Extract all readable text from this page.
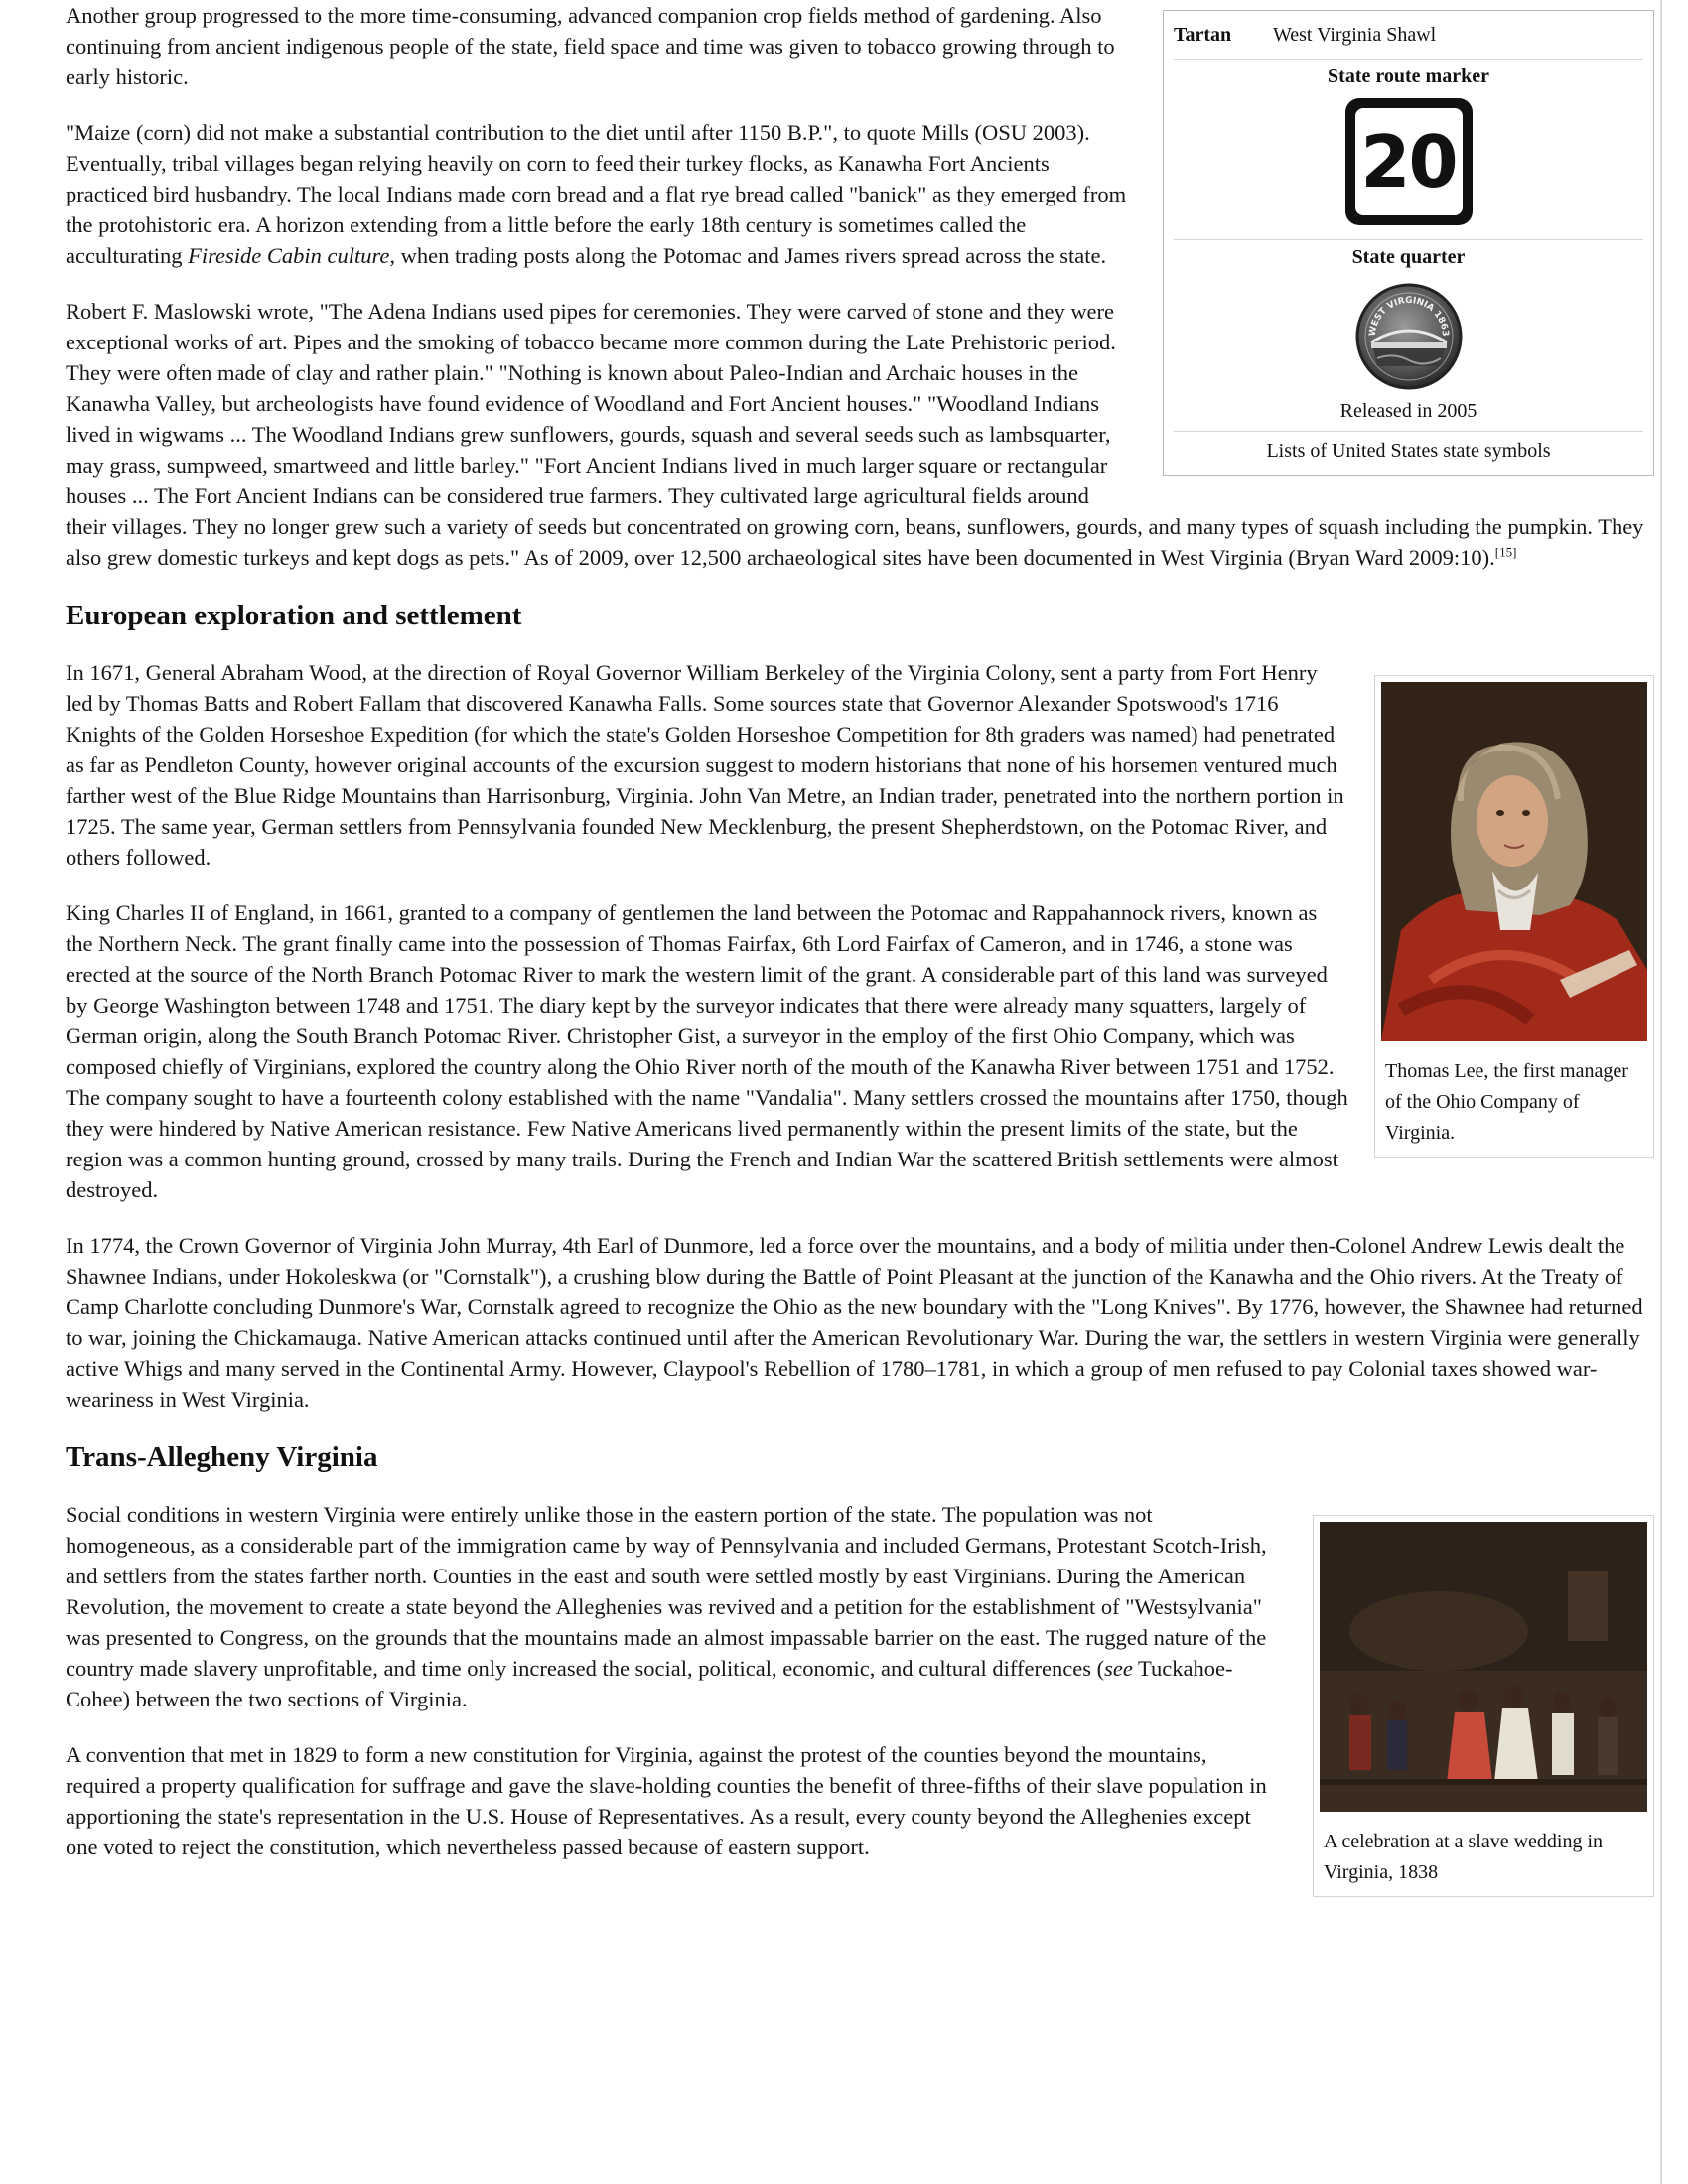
Tartan	West Virginia Shawl
State route marker
20
State quarter
WEST VIRGINIA 1863
Released in 2005
Lists of United States state symbols

Another group progressed to the more time-consuming, advanced companion crop fields method of gardening. Also continuing from ancient indigenous people of the state, field space and time was given to tobacco growing through to early historic.

"Maize (corn) did not make a substantial contribution to the diet until after 1150 B.P.", to quote Mills (OSU 2003). Eventually, tribal villages began relying heavily on corn to feed their turkey flocks, as Kanawha Fort Ancients practiced bird husbandry. The local Indians made corn bread and a flat rye bread called "banick" as they emerged from the protohistoric era. A horizon extending from a little before the early 18th century is sometimes called the acculturating Fireside Cabin culture, when trading posts along the Potomac and James rivers spread across the state.

Robert F. Maslowski wrote, "The Adena Indians used pipes for ceremonies. They were carved of stone and they were exceptional works of art. Pipes and the smoking of tobacco became more common during the Late Prehistoric period. They were often made of clay and rather plain." "Nothing is known about Paleo-Indian and Archaic houses in the Kanawha Valley, but archeologists have found evidence of Woodland and Fort Ancient houses." "Woodland Indians lived in wigwams ... The Woodland Indians grew sunflowers, gourds, squash and several seeds such as lambsquarter, may grass, sumpweed, smartweed and little barley." "Fort Ancient Indians lived in much larger square or rectangular houses ... The Fort Ancient Indians can be considered true farmers. They cultivated large agricultural fields around their villages. They no longer grew such a variety of seeds but concentrated on growing corn, beans, sunflowers, gourds, and many types of squash including the pumpkin. They also grew domestic turkeys and kept dogs as pets." As of 2009, over 12,500 archaeological sites have been documented in West Virginia (Bryan Ward 2009:10).[15]

European exploration and settlement
Thomas Lee, the first manager of the Ohio Company of Virginia.

In 1671, General Abraham Wood, at the direction of Royal Governor William Berkeley of the Virginia Colony, sent a party from Fort Henry led by Thomas Batts and Robert Fallam that discovered Kanawha Falls. Some sources state that Governor Alexander Spotswood's 1716 Knights of the Golden Horseshoe Expedition (for which the state's Golden Horseshoe Competition for 8th graders was named) had penetrated as far as Pendleton County, however original accounts of the excursion suggest to modern historians that none of his horsemen ventured much farther west of the Blue Ridge Mountains than Harrisonburg, Virginia. John Van Metre, an Indian trader, penetrated into the northern portion in 1725. The same year, German settlers from Pennsylvania founded New Mecklenburg, the present Shepherdstown, on the Potomac River, and others followed.

King Charles II of England, in 1661, granted to a company of gentlemen the land between the Potomac and Rappahannock rivers, known as the Northern Neck. The grant finally came into the possession of Thomas Fairfax, 6th Lord Fairfax of Cameron, and in 1746, a stone was erected at the source of the North Branch Potomac River to mark the western limit of the grant. A considerable part of this land was surveyed by George Washington between 1748 and 1751. The diary kept by the surveyor indicates that there were already many squatters, largely of German origin, along the South Branch Potomac River. Christopher Gist, a surveyor in the employ of the first Ohio Company, which was composed chiefly of Virginians, explored the country along the Ohio River north of the mouth of the Kanawha River between 1751 and 1752. The company sought to have a fourteenth colony established with the name "Vandalia". Many settlers crossed the mountains after 1750, though they were hindered by Native American resistance. Few Native Americans lived permanently within the present limits of the state, but the region was a common hunting ground, crossed by many trails. During the French and Indian War the scattered British settlements were almost destroyed.

In 1774, the Crown Governor of Virginia John Murray, 4th Earl of Dunmore, led a force over the mountains, and a body of militia under then-Colonel Andrew Lewis dealt the Shawnee Indians, under Hokoleskwa (or "Cornstalk"), a crushing blow during the Battle of Point Pleasant at the junction of the Kanawha and the Ohio rivers. At the Treaty of Camp Charlotte concluding Dunmore's War, Cornstalk agreed to recognize the Ohio as the new boundary with the "Long Knives". By 1776, however, the Shawnee had returned to war, joining the Chickamauga. Native American attacks continued until after the American Revolutionary War. During the war, the settlers in western Virginia were generally active Whigs and many served in the Continental Army. However, Claypool's Rebellion of 1780–1781, in which a group of men refused to pay Colonial taxes showed war-weariness in West Virginia.

Trans-Allegheny Virginia
A celebration at a slave wedding in Virginia, 1838

Social conditions in western Virginia were entirely unlike those in the eastern portion of the state. The population was not homogeneous, as a considerable part of the immigration came by way of Pennsylvania and included Germans, Protestant Scotch-Irish, and settlers from the states farther north. Counties in the east and south were settled mostly by east Virginians. During the American Revolution, the movement to create a state beyond the Alleghenies was revived and a petition for the establishment of "Westsylvania" was presented to Congress, on the grounds that the mountains made an almost impassable barrier on the east. The rugged nature of the country made slavery unprofitable, and time only increased the social, political, economic, and cultural differences (see Tuckahoe-Cohee) between the two sections of Virginia.

A convention that met in 1829 to form a new constitution for Virginia, against the protest of the counties beyond the mountains, required a property qualification for suffrage and gave the slave-holding counties the benefit of three-fifths of their slave population in apportioning the state's representation in the U.S. House of Representatives. As a result, every county beyond the Alleghenies except one voted to reject the constitution, which nevertheless passed because of eastern support.
